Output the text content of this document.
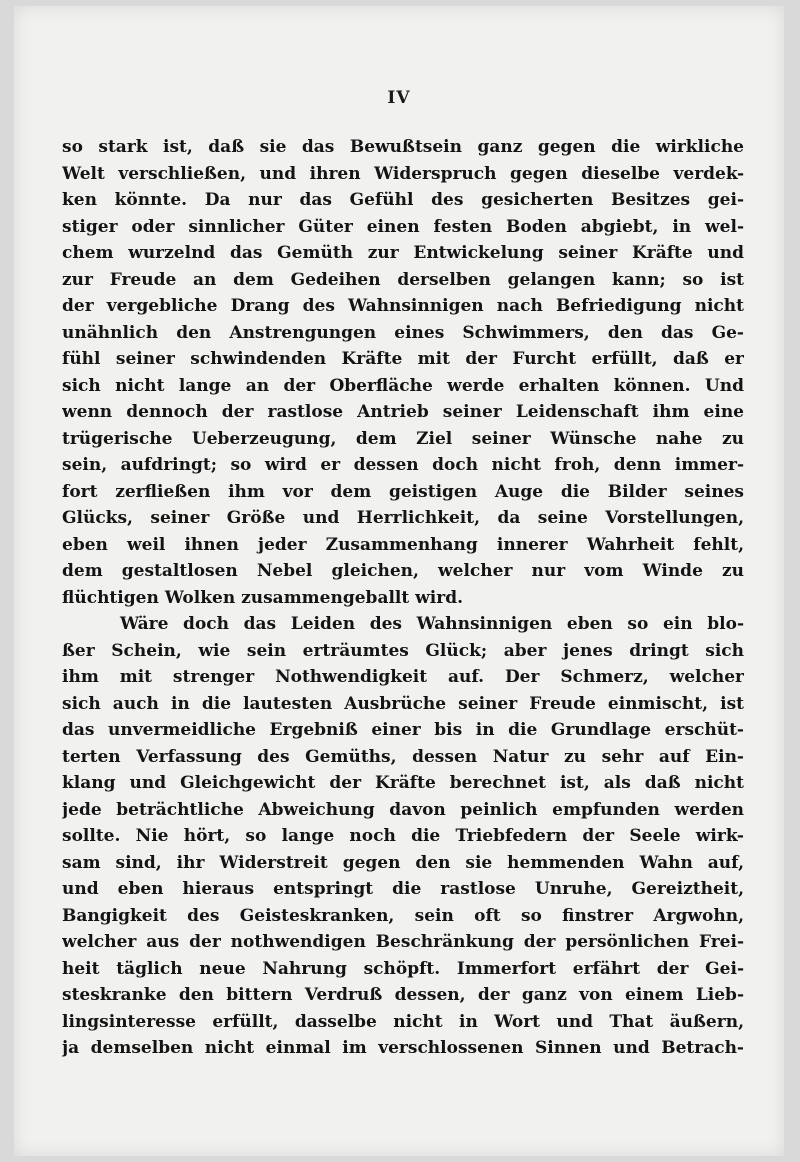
IV
so stark ist, daß sie das Bewußtsein ganz gegen die wirkliche
Welt verschließen, und ihren Widerspruch gegen dieselbe verdek-
ken könnte. Da nur das Gefühl des gesicherten Besitzes gei-
stiger oder sinnlicher Güter einen festen Boden abgiebt, in wel-
chem wurzelnd das Gemüth zur Entwickelung seiner Kräfte und
zur Freude an dem Gedeihen derselben gelangen kann; so ist
der vergebliche Drang des Wahnsinnigen nach Befriedigung nicht
unähnlich den Anstrengungen eines Schwimmers, den das Ge-
fühl seiner schwindenden Kräfte mit der Furcht erfüllt, daß er
sich nicht lange an der Oberfläche werde erhalten können. Und
wenn dennoch der rastlose Antrieb seiner Leidenschaft ihm eine
trügerische Ueberzeugung, dem Ziel seiner Wünsche nahe zu
sein, aufdringt; so wird er dessen doch nicht froh, denn immer-
fort zerfließen ihm vor dem geistigen Auge die Bilder seines
Glücks, seiner Größe und Herrlichkeit, da seine Vorstellungen,
eben weil ihnen jeder Zusammenhang innerer Wahrheit fehlt,
dem gestaltlosen Nebel gleichen, welcher nur vom Winde zu
flüchtigen Wolken zusammengeballt wird.
Wäre doch das Leiden des Wahnsinnigen eben so ein blo-
ßer Schein, wie sein erträumtes Glück; aber jenes dringt sich
ihm mit strenger Nothwendigkeit auf. Der Schmerz, welcher
sich auch in die lautesten Ausbrüche seiner Freude einmischt, ist
das unvermeidliche Ergebniß einer bis in die Grundlage erschüt-
terten Verfassung des Gemüths, dessen Natur zu sehr auf Ein-
klang und Gleichgewicht der Kräfte berechnet ist, als daß nicht
jede beträchtliche Abweichung davon peinlich empfunden werden
sollte. Nie hört, so lange noch die Triebfedern der Seele wirk-
sam sind, ihr Widerstreit gegen den sie hemmenden Wahn auf,
und eben hieraus entspringt die rastlose Unruhe, Gereiztheit,
Bangigkeit des Geisteskranken, sein oft so finstrer Argwohn,
welcher aus der nothwendigen Beschränkung der persönlichen Frei-
heit täglich neue Nahrung schöpft. Immerfort erfährt der Gei-
steskranke den bittern Verdruß dessen, der ganz von einem Lieb-
lingsinteresse erfüllt, dasselbe nicht in Wort und That äußern,
ja demselben nicht einmal im verschlossenen Sinnen und Betrach-
